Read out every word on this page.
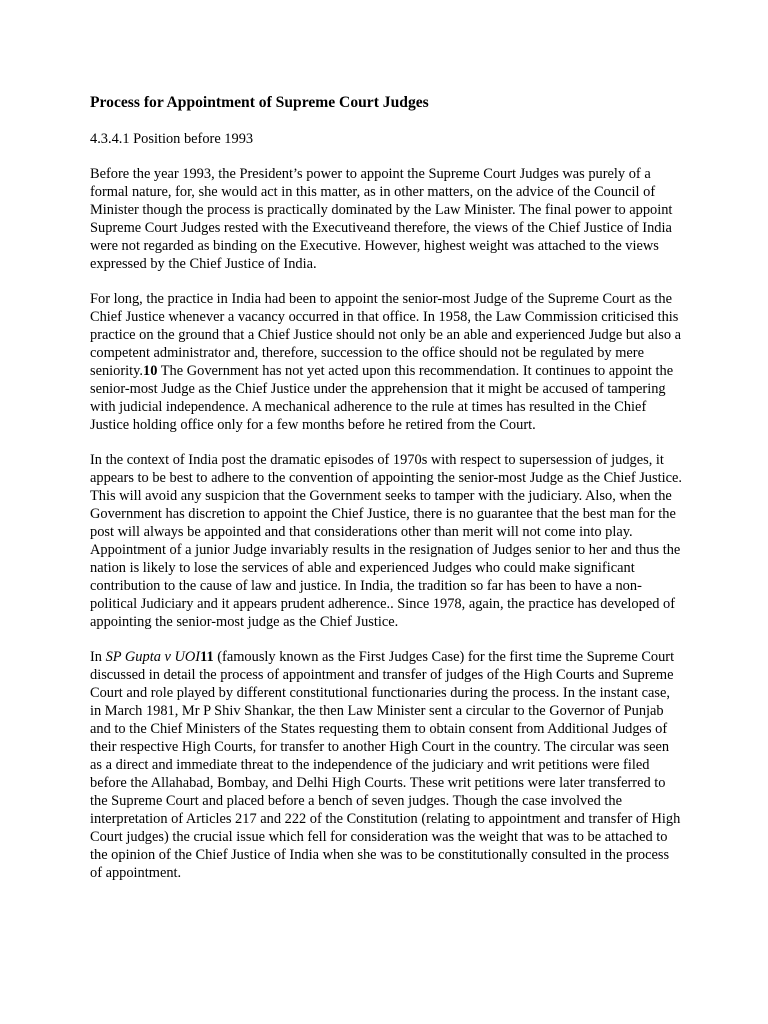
Process for Appointment of Supreme Court Judges

4.3.4.1 Position before 1993

Before the year 1993, the President’s power to appoint the Supreme Court Judges was purely of a formal nature, for, she would act in this matter, as in other matters, on the advice of the Council of Minister though the process is practically dominated by the Law Minister. The final power to appoint Supreme Court Judges rested with the Executiveand therefore, the views of the Chief Justice of India were not regarded as binding on the Executive. However, highest weight was attached to the views expressed by the Chief Justice of India.

For long, the practice in India had been to appoint the senior-most Judge of the Supreme Court as the Chief Justice whenever a vacancy occurred in that office. In 1958, the Law Commission criticised this practice on the ground that a Chief Justice should not only be an able and experienced Judge but also a competent administrator and, therefore, succession to the office should not be regulated by mere seniority.10 The Government has not yet acted upon this recommendation. It continues to appoint the senior-most Judge as the Chief Justice under the apprehension that it might be accused of tampering with judicial independence. A mechanical adherence to the rule at times has resulted in the Chief Justice holding office only for a few months before he retired from the Court.

In the context of India post the dramatic episodes of 1970s with respect to supersession of judges, it appears to be best to adhere to the convention of appointing the senior-most Judge as the Chief Justice. This will avoid any suspicion that the Government seeks to tamper with the judiciary. Also, when the Government has discretion to appoint the Chief Justice, there is no guarantee that the best man for the post will always be appointed and that considerations other than merit will not come into play. Appointment of a junior Judge invariably results in the resignation of Judges senior to her and thus the nation is likely to lose the services of able and experienced Judges who could make significant contribution to the cause of law and justice. In India, the tradition so far has been to have a non-political Judiciary and it appears prudent adherence.. Since 1978, again, the practice has developed of appointing the senior-most judge as the Chief Justice.

In SP Gupta v UOI11 (famously known as the First Judges Case) for the first time the Supreme Court discussed in detail the process of appointment and transfer of judges of the High Courts and Supreme Court and role played by different constitutional functionaries during the process. In the instant case, in March 1981, Mr P Shiv Shankar, the then Law Minister sent a circular to the Governor of Punjab and to the Chief Ministers of the States requesting them to obtain consent from Additional Judges of their respective High Courts, for transfer to another High Court in the country. The circular was seen as a direct and immediate threat to the independence of the judiciary and writ petitions were filed before the Allahabad, Bombay, and Delhi High Courts. These writ petitions were later transferred to the Supreme Court and placed before a bench of seven judges. Though the case involved the interpretation of Articles 217 and 222 of the Constitution (relating to appointment and transfer of High Court judges) the crucial issue which fell for consideration was the weight that was to be attached to the opinion of the Chief Justice of India when she was to be constitutionally consulted in the process of appointment.
